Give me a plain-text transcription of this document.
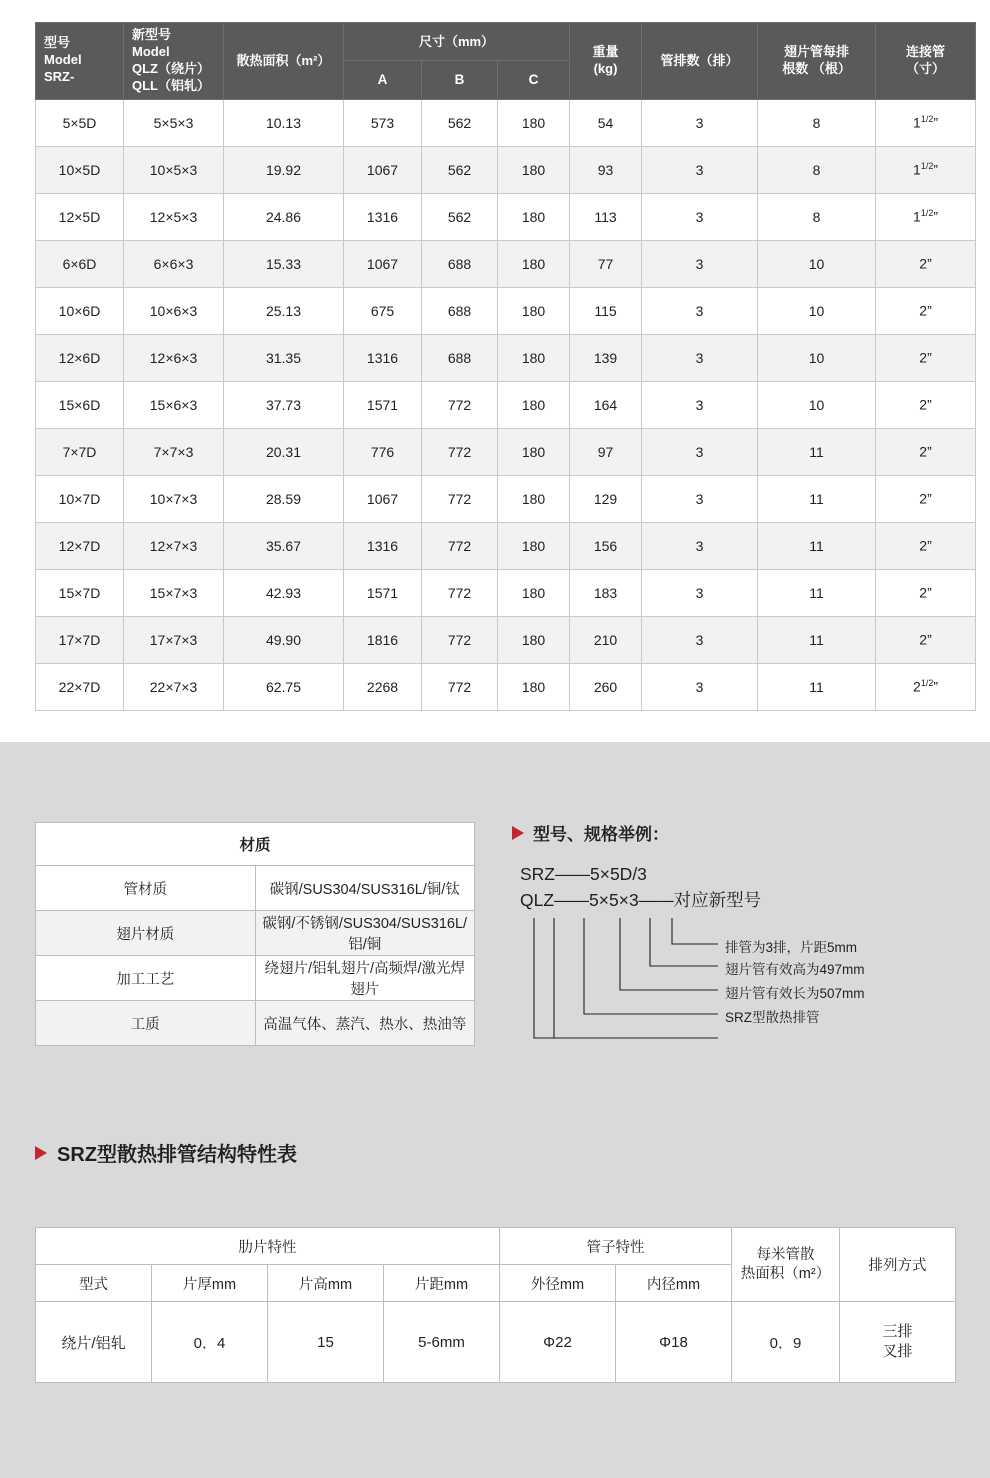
型号
Model
SRZ-	新型号
Model
QLZ（绕片）
QLL（铝轧）	散热面积（m²）	尺寸（mm）			重量
(kg)	管排数（排）	翅片管每排
根数 （根）	连接管
（寸）

			A	B	C				
5×5D	5×5×3	10.13	573	562	180	54	3	8	$1^{1/2}$”
10×5D	10×5×3	19.92	1067	562	180	93	3	8	$1^{1/2}$”
12×5D	12×5×3	24.86	1316	562	180	113	3	8	$1^{1/2}$”
6×6D	6×6×3	15.33	1067	688	180	77	3	10	2”
10×6D	10×6×3	25.13	675	688	180	115	3	10	2”
12×6D	12×6×3	31.35	1316	688	180	139	3	10	2”
15×6D	15×6×3	37.73	1571	772	180	164	3	10	2”
7×7D	7×7×3	20.31	776	772	180	97	3	11	2”
10×7D	10×7×3	28.59	1067	772	180	129	3	11	2”
12×7D	12×7×3	35.67	1316	772	180	156	3	11	2”
15×7D	15×7×3	42.93	1571	772	180	183	3	11	2”
17×7D	17×7×3	49.90	1816	772	180	210	3	11	2”
22×7D	22×7×3	62.75	2268	772	180	260	3	11	$2^{1/2}$”
材质	
管材质	碳钢/SUS304/SUS316L/铜/钛
翅片材质	碳钢/不锈钢/SUS304/SUS316L/铝/铜
加工工艺	绕翅片/铝轧翅片/高频焊/激光焊翅片
工质	高温气体、蒸汽、热水、热油等
型号、规格举例：
SRZ——5×5D/3
QLZ——5×5×3——对应新型号
排管为3排，片距5mm
翅片管有效高为497mm
翅片管有效长为507mm
SRZ型散热排管
SRZ型散热排管结构特性表
肋片特性				管子特性		每米管散
热面积（m²）	排列方式
型式	片厚mm	片高mm	片距mm	外径mm	内径mm		
绕片/铝轧	0．4	15	5-6mm	Φ22	Φ18	0．9	三排
叉排
